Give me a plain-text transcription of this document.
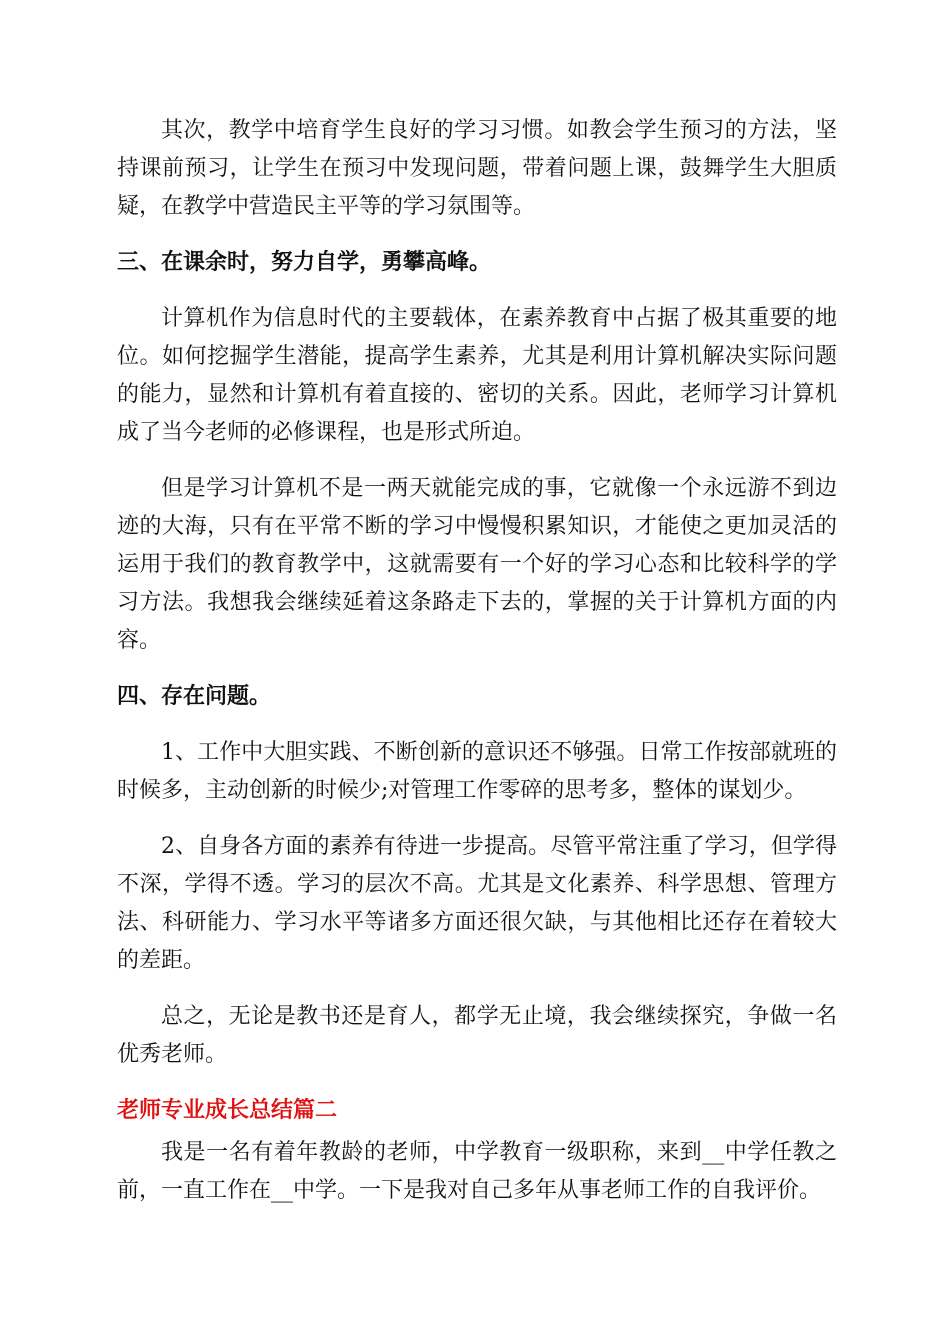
其次，教学中培育学生良好的学习习惯。如教会学生预习的方法，坚持课前预习，让学生在预习中发现问题，带着问题上课，鼓舞学生大胆质疑，在教学中营造民主平等的学习氛围等。

三、在课余时，努力自学，勇攀高峰。

计算机作为信息时代的主要载体，在素养教育中占据了极其重要的地位。如何挖掘学生潜能，提高学生素养，尤其是利用计算机解决实际问题的能力，显然和计算机有着直接的、密切的关系。因此，老师学习计算机成了当今老师的必修课程，也是形式所迫。

但是学习计算机不是一两天就能完成的事，它就像一个永远游不到边迹的大海，只有在平常不断的学习中慢慢积累知识，才能使之更加灵活的运用于我们的教育教学中，这就需要有一个好的学习心态和比较科学的学习方法。我想我会继续延着这条路走下去的，掌握的关于计算机方面的内容。

四、存在问题。

1、工作中大胆实践、不断创新的意识还不够强。日常工作按部就班的时候多，主动创新的时候少;对管理工作零碎的思考多，整体的谋划少。

2、自身各方面的素养有待进一步提高。尽管平常注重了学习，但学得不深，学得不透。学习的层次不高。尤其是文化素养、科学思想、管理方法、科研能力、学习水平等诸多方面还很欠缺，与其他相比还存在着较大的差距。

总之，无论是教书还是育人，都学无止境，我会继续探究，争做一名优秀老师。

老师专业成长总结篇二

我是一名有着年教龄的老师，中学教育一级职称，来到__中学任教之前，一直工作在__中学。一下是我对自己多年从事老师工作的自我评价。
